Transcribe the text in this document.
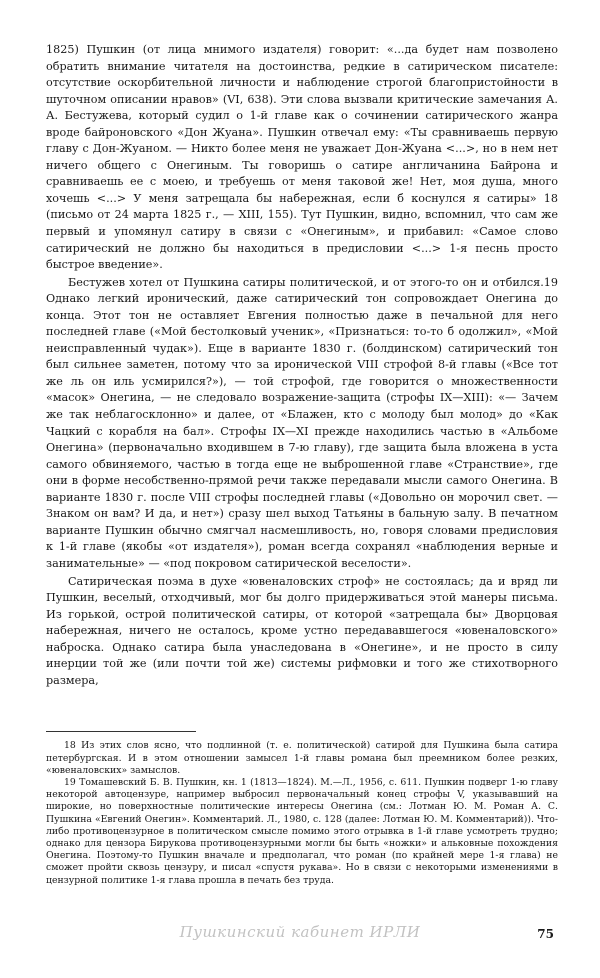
1825) Пушкин (от лица мнимого издателя) говорит: «...да будет нам позволено обратить внимание читателя на достоинства, редкие в сатирическом писателе: отсутствие оскорбительной личности и наблюдение строгой благопристойности в шуточном описании нравов» (VI, 638). Эти слова вызвали критические замечания А. А. Бестужева, который судил о 1-й главе как о сочинении сатирического жанра вроде байроновского «Дон Жуана». Пушкин отвечал ему: «Ты сравниваешь первую главу с Дон-Жуаном. — Никто более меня не уважает Дон-Жуана <...>, но в нем нет ничего общего с Онегиным. Ты говоришь о сатире англичанина Байрона и сравниваешь ее с моею, и требуешь от меня таковой же! Нет, моя душа, много хочешь <...> У меня затрещала бы набережная, если б коснулся я сатиры» 18 (письмо от 24 марта 1825 г., — XIII, 155). Тут Пушкин, видно, вспомнил, что сам же первый и упомянул сатиру в связи с «Онегиным», и прибавил: «Самое слово сатирический не должно бы находиться в предисловии <...> 1-я песнь просто быстрое введение».

Бестужев хотел от Пушкина сатиры политической, и от этого-то он и отбился.19 Однако легкий иронический, даже сатирический тон сопровождает Онегина до конца. Этот тон не оставляет Евгения полностью даже в печальной для него последней главе («Мой бестолковый ученик», «Признаться: то-то б одолжил», «Мой неисправленный чудак»). Еще в варианте 1830 г. (болдинском) сатирический тон был сильнее заметен, потому что за иронической VIII строфой 8-й главы («Все тот же ль он иль усмирился?»), — той строфой, где говорится о множественности «масок» Онегина, — не следовало возражение-защита (строфы IX—XIII): «— Зачем же так неблагосклонно» и далее, от «Блажен, кто с молоду был молод» до «Как Чацкий с корабля на бал». Строфы IX—XI прежде находились частью в «Альбоме Онегина» (первоначально входившем в 7-ю главу), где защита была вложена в уста самого обвиняемого, частью в тогда еще не выброшенной главе «Странствие», где они в форме несобственно-прямой речи также передавали мысли самого Онегина. В варианте 1830 г. после VIII строфы последней главы («Довольно он морочил свет. — Знаком он вам? И да, и нет») сразу шел выход Татьяны в бальную залу. В печатном варианте Пушкин обычно смягчал насмешливость, но, говоря словами предисловия к 1-й главе (якобы «от издателя»), роман всегда сохранял «наблюдения верные и занимательные» — «под покровом сатирической веселости».

Сатирическая поэма в духе «ювеналовских строф» не состоялась; да и вряд ли Пушкин, веселый, отходчивый, мог бы долго придерживаться этой манеры письма. Из горькой, острой политической сатиры, от которой «затрещала бы» Дворцовая набережная, ничего не осталось, кроме устно передававшегося «ювеналовского» наброска. Однако сатира была унаследована в «Онегине», и не просто в силу инерции той же (или почти той же) системы рифмовки и того же стихотворного размера,

18 Из этих слов ясно, что подлинной (т. е. политической) сатирой для Пушкина была сатира петербургская. И в этом отношении замысел 1-й главы романа был преемником более резких, «ювеналовских» замыслов.

19 Томашевский Б. В. Пушкин, кн. 1 (1813—1824). М.—Л., 1956, с. 611. Пушкин подверг 1-ю главу некоторой автоцензуре, например выбросил первоначальный конец строфы V, указывавший на широкие, но поверхностные политические интересы Онегина (см.: Лотман Ю. М. Роман А. С. Пушкина «Евгений Онегин». Комментарий. Л., 1980, с. 128 (далее: Лотман Ю. М. Комментарий)). Что-либо противоцензурное в политическом смысле помимо этого отрывка в 1-й главе усмотреть трудно; однако для цензора Бирукова противоцензурными могли бы быть «ножки» и альковные похождения Онегина. Поэтому-то Пушкин вначале и предполагал, что роман (по крайней мере 1-я глава) не сможет пройти сквозь цензуру, и писал «спустя рукава». Но в связи с некоторыми изменениями в цензурной политике 1-я глава прошла в печать без труда.

Пушкинский кабинет ИРЛИ	75
